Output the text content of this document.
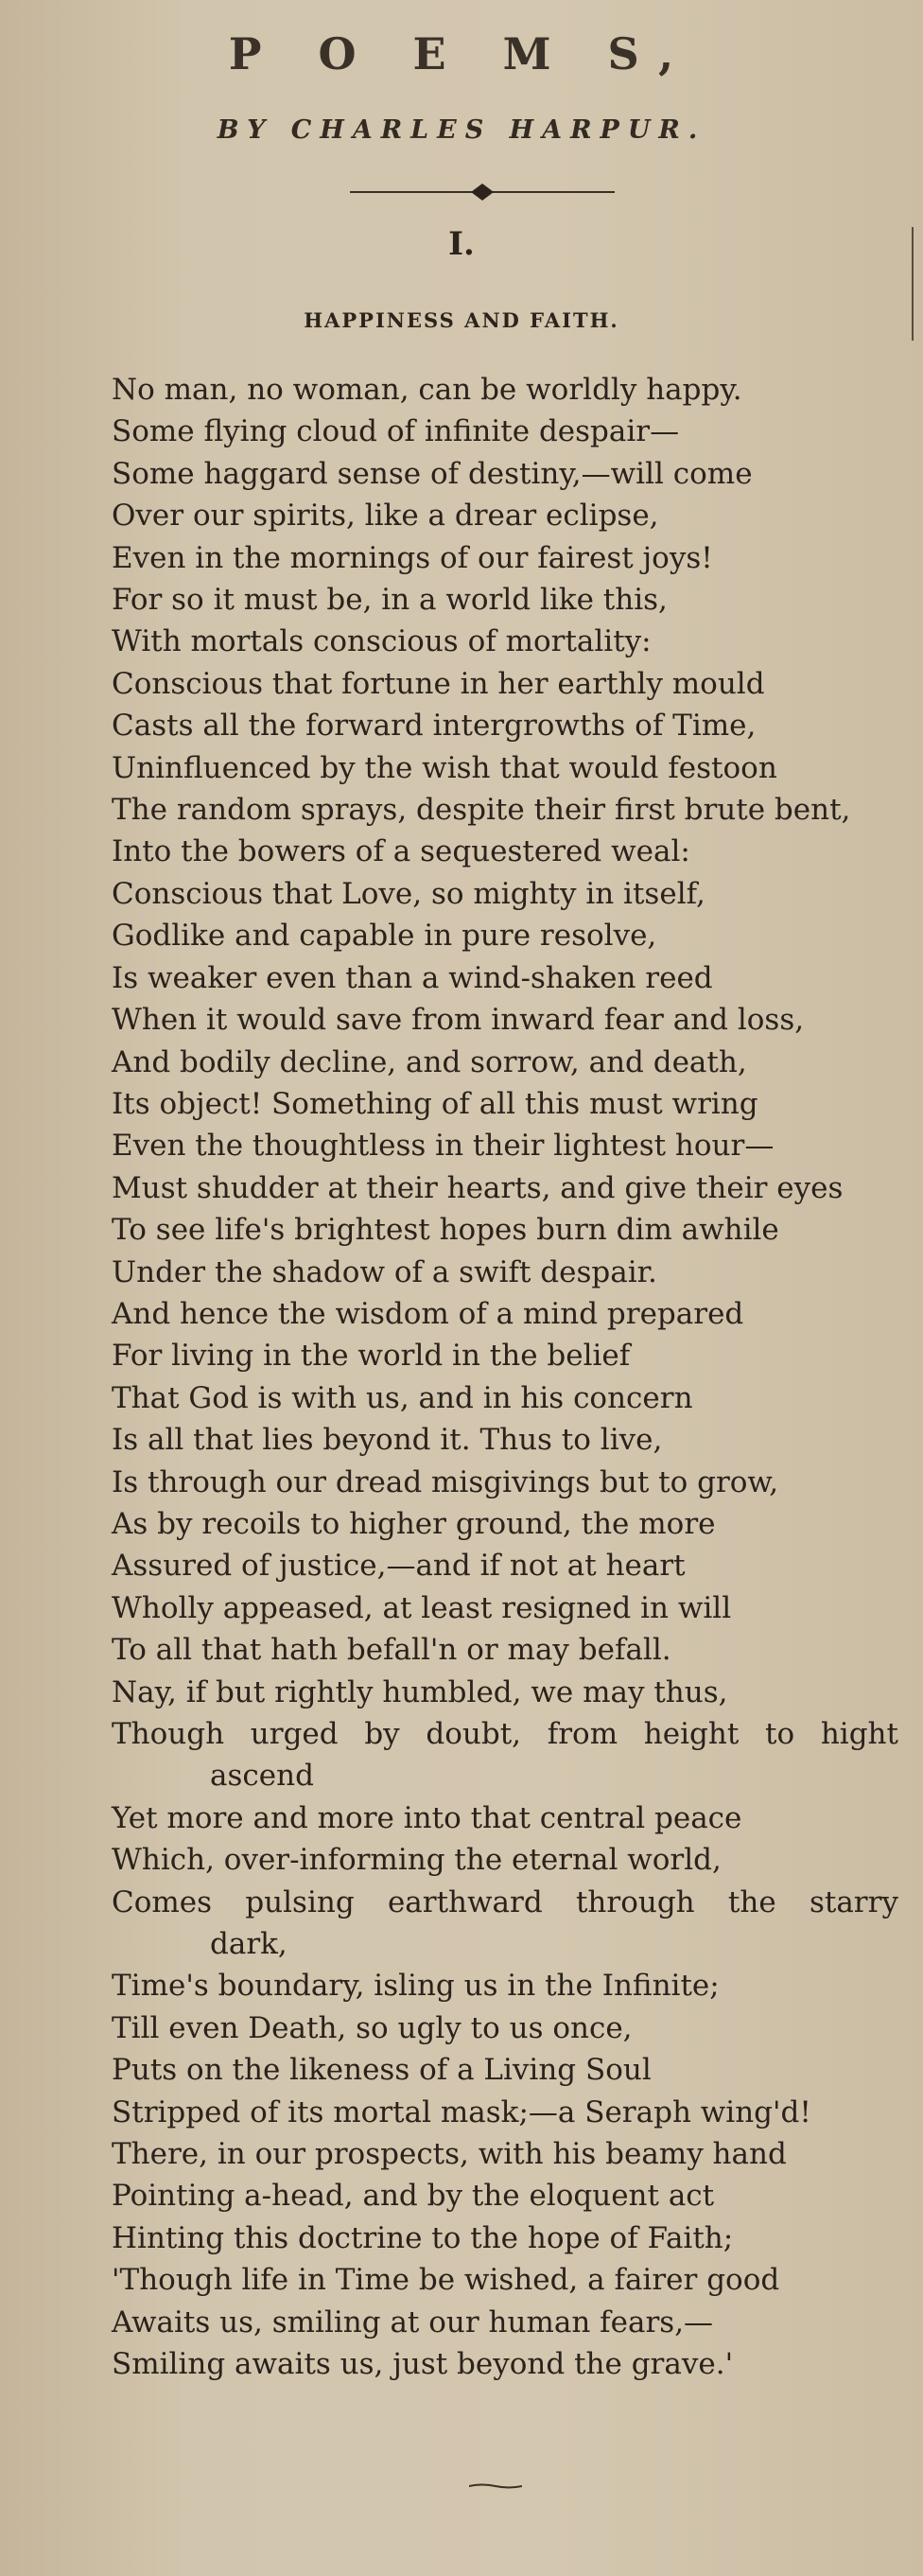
P O E M S,
BY CHARLES HARPUR.
I.
HAPPINESS AND FAITH.
No man, no woman, can be worldly happy.
Some flying cloud of infinite despair—
Some haggard sense of destiny,—will come
Over our spirits, like a drear eclipse,
Even in the mornings of our fairest joys!
For so it must be, in a world like this,
With mortals conscious of mortality:
Conscious that fortune in her earthly mould
Casts all the forward intergrowths of Time,
Uninfluenced by the wish that would festoon
The random sprays, despite their first brute bent,
Into the bowers of a sequestered weal:
Conscious that Love, so mighty in itself,
Godlike and capable in pure resolve,
Is weaker even than a wind-shaken reed
When it would save from inward fear and loss,
And bodily decline, and sorrow, and death,
Its object! Something of all this must wring
Even the thoughtless in their lightest hour—
Must shudder at their hearts, and give their eyes
To see life's brightest hopes burn dim awhile
Under the shadow of a swift despair.
And hence the wisdom of a mind prepared
For living in the world in the belief
That God is with us, and in his concern
Is all that lies beyond it. Thus to live,
Is through our dread misgivings but to grow,
As by recoils to higher ground, the more
Assured of justice,—and if not at heart
Wholly appeased, at least resigned in will
To all that hath befall'n or may befall.
Nay, if but rightly humbled, we may thus,
Though urged by doubt, from height to hight
ascend
Yet more and more into that central peace
Which, over-informing the eternal world,
Comes pulsing earthward through the starry
dark,
Time's boundary, isling us in the Infinite;
Till even Death, so ugly to us once,
Puts on the likeness of a Living Soul
Stripped of its mortal mask;—a Seraph wing'd!
There, in our prospects, with his beamy hand
Pointing a-head, and by the eloquent act
Hinting this doctrine to the hope of Faith;
'Though life in Time be wished, a fairer good
Awaits us, smiling at our human fears,—
Smiling awaits us, just beyond the grave.'
